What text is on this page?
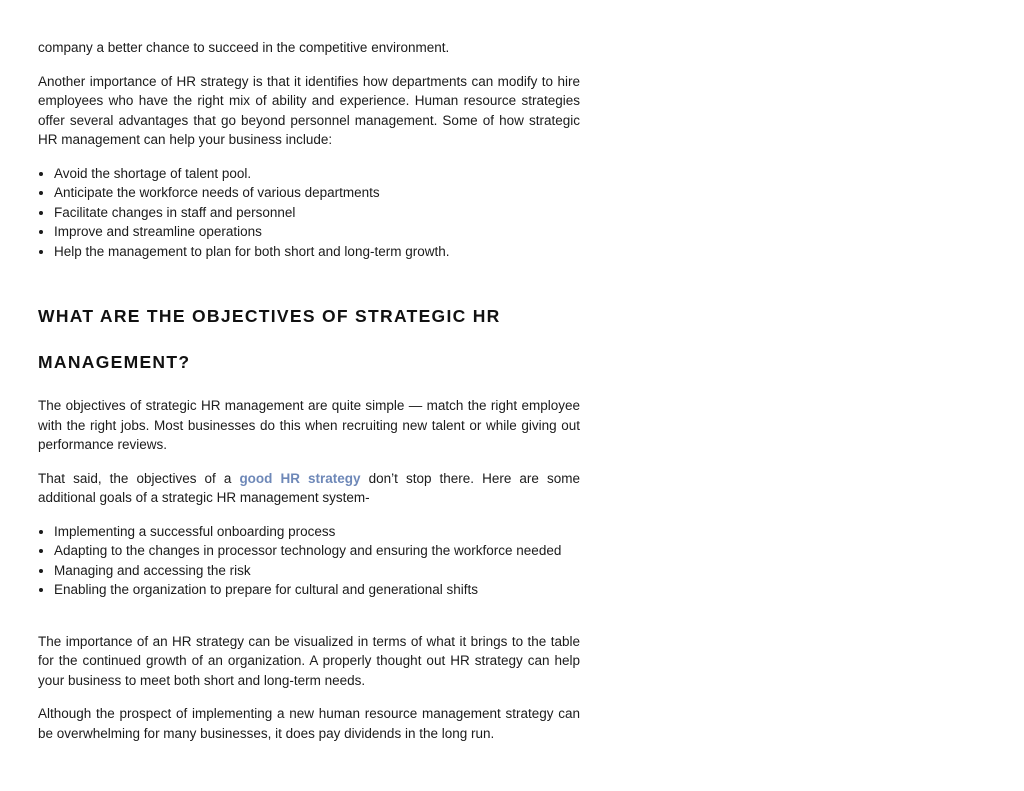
company a better chance to succeed in the competitive environment.

Another importance of HR strategy is that it identifies how departments can modify to hire employees who have the right mix of ability and experience. Human resource strategies offer several advantages that go beyond personnel management. Some of how strategic HR management can help your business include:

• Avoid the shortage of talent pool.
• Anticipate the workforce needs of various departments
• Facilitate changes in staff and personnel
• Improve and streamline operations
• Help the management to plan for both short and long-term growth.
WHAT ARE THE OBJECTIVES OF STRATEGIC HR MANAGEMENT?

The objectives of strategic HR management are quite simple — match the right employee with the right jobs. Most businesses do this when recruiting new talent or while giving out performance reviews.

That said, the objectives of a good HR strategy don’t stop there. Here are some additional goals of a strategic HR management system-

• Implementing a successful onboarding process
• Adapting to the changes in processor technology and ensuring the workforce needed
• Managing and accessing the risk
• Enabling the organization to prepare for cultural and generational shifts

The importance of an HR strategy can be visualized in terms of what it brings to the table for the continued growth of an organization. A properly thought out HR strategy can help your business to meet both short and long-term needs.

Although the prospect of implementing a new human resource management strategy can be overwhelming for many businesses, it does pay dividends in the long run.
